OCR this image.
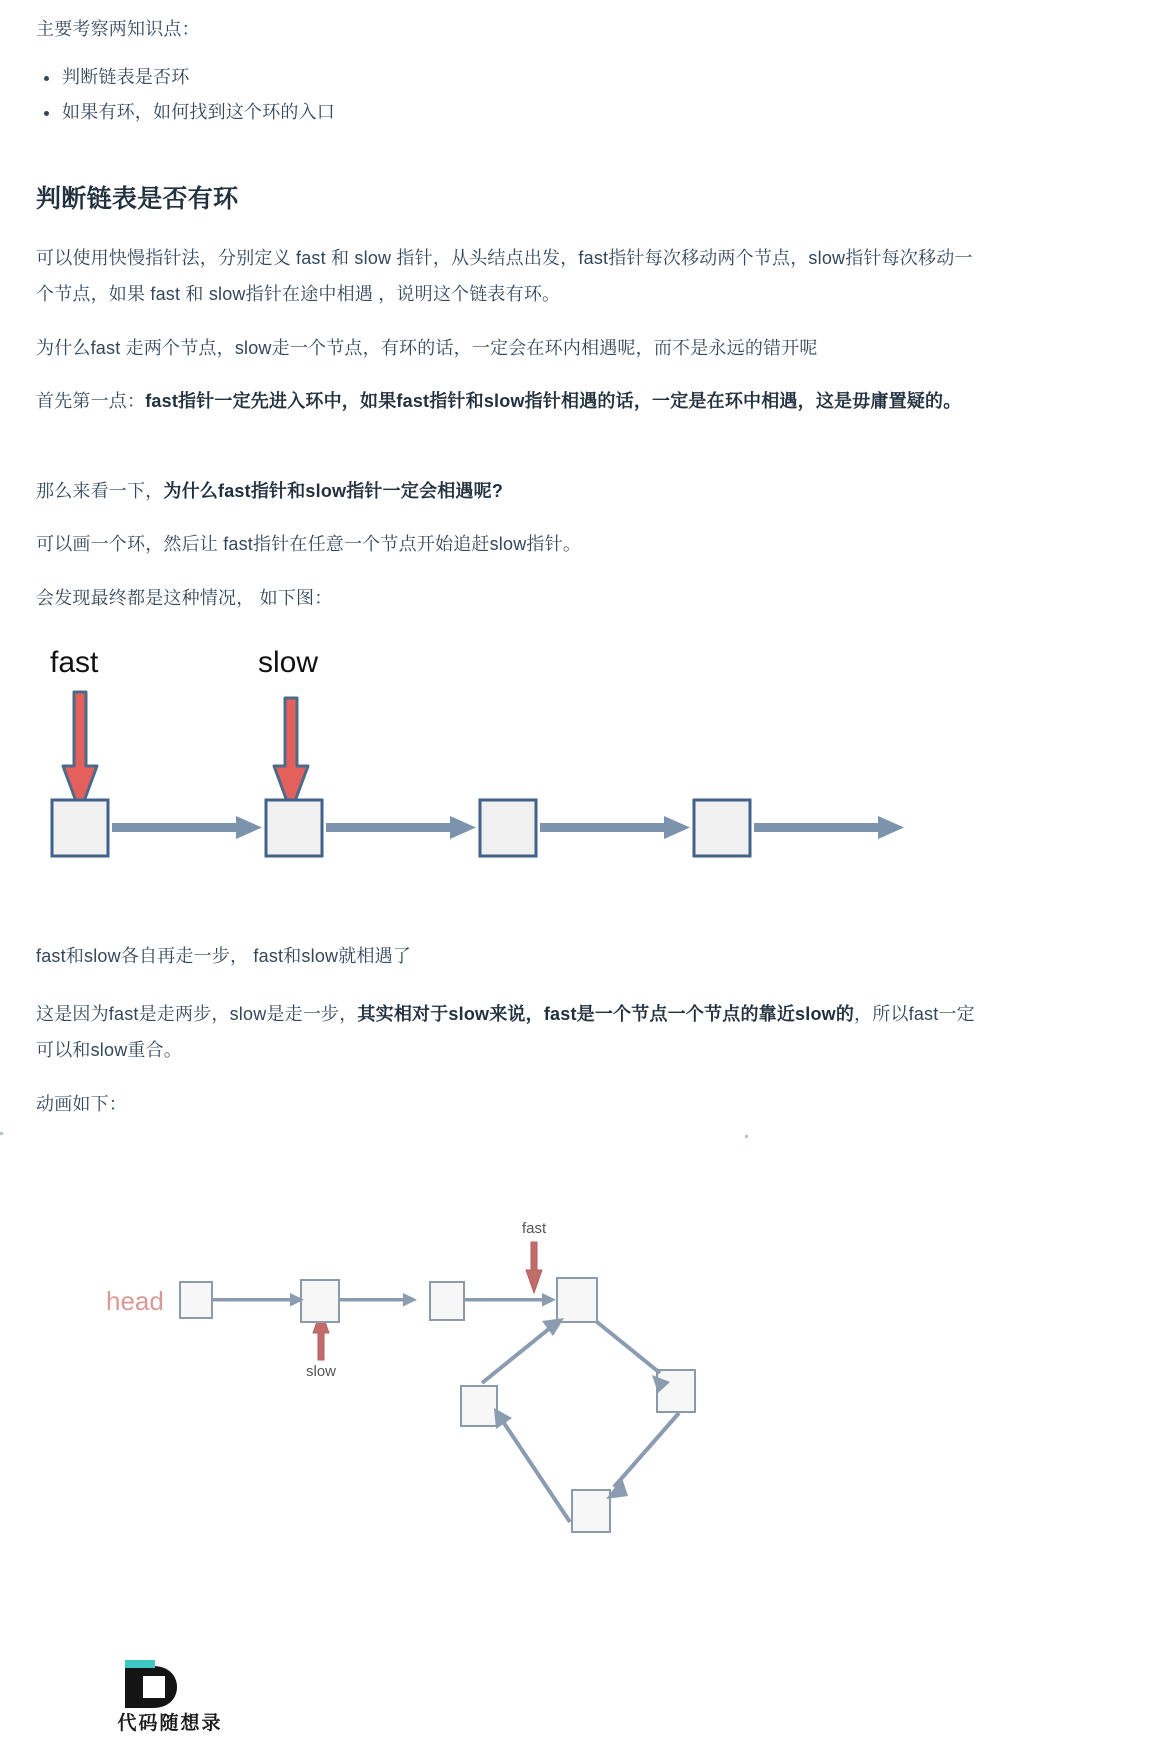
主要考察两知识点：
判断链表是否环
如果有环，如何找到这个环的入口
判断链表是否有环

可以使用快慢指针法，分别定义 fast 和 slow 指针，从头结点出发，fast指针每次移动两个节点，slow指针每次移动一个节点，如果 fast 和 slow指针在途中相遇 ，说明这个链表有环。

为什么fast 走两个节点，slow走一个节点，有环的话，一定会在环内相遇呢，而不是永远的错开呢

首先第一点：fast指针一定先进入环中，如果fast指针和slow指针相遇的话，一定是在环中相遇，这是毋庸置疑的。

那么来看一下，为什么fast指针和slow指针一定会相遇呢?

可以画一个环，然后让 fast指针在任意一个节点开始追赶slow指针。

会发现最终都是这种情况， 如下图：

fast	slow

fast和slow各自再走一步， fast和slow就相遇了

这是因为fast是走两步，slow是走一步，其实相对于slow来说，fast是一个节点一个节点的靠近slow的，所以fast一定可以和slow重合。

动画如下：

head
fast
slow
代码随想录
